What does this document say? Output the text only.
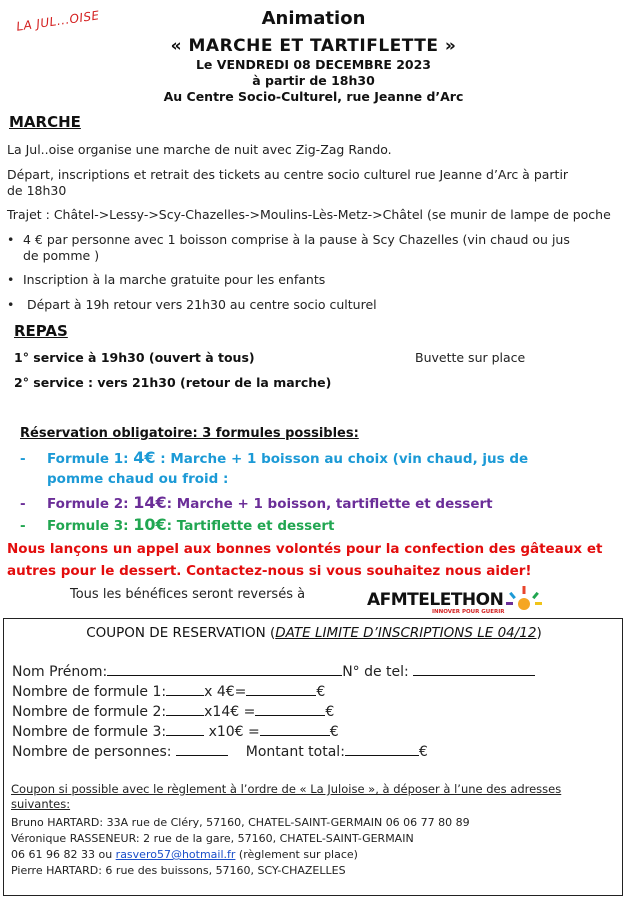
LA JUL...OISE	Animation
« MARCHE ET TARTIFLETTE »
Le VENDREDI 08 DECEMBRE 2023
à partir de 18h30
Au Centre Socio-Culturel, rue Jeanne d’Arc
MARCHE
La Jul..oise organise une marche de nuit avec Zig-Zag Rando.
Départ, inscriptions et retrait des tickets au centre socio culturel rue Jeanne d’Arc à partir
de 18h30
Trajet : Châtel->Lessy->Scy-Chazelles->Moulins-Lès-Metz->Châtel (se munir de lampe de poche
• 4 € par personne avec 1 boisson comprise à la pause à Scy Chazelles (vin chaud ou jus
de pomme )
• Inscription à la marche gratuite pour les enfants
• Départ à 19h retour vers 21h30 au centre socio culturel
REPAS
1° service à 19h30 (ouvert à tous)	Buvette sur place
2° service : vers 21h30 (retour de la marche)
Réservation obligatoire: 3 formules possibles:
- Formule 1: 4€ : Marche + 1 boisson au choix (vin chaud, jus de
pomme chaud ou froid :
- Formule 2: 14€: Marche + 1 boisson, tartiflette et dessert
- Formule 3: 10€: Tartiflette et dessert
Nous lançons un appel aux bonnes volontés pour la confection des gâteaux et
autres pour le dessert. Contactez-nous si vous souhaitez nous aider!
Tous les bénéfices seront reversés à	AFMTELETHON
INNOVER POUR GUERIR
COUPON DE RESERVATION (DATE LIMITE D’INSCRIPTIONS LE 04/12)
Nom Prénom:	N° de tel:
Nombre de formule 1:	x 4€=	€
Nombre de formule 2:	x14€ =	€
Nombre de formule 3:	x10€ =	€
Nombre de personnes:	Montant total:	€
Coupon si possible avec le règlement à l’ordre de « La Juloise », à déposer à l’une des adresses suivantes:
Bruno HARTARD: 33A rue de Cléry, 57160, CHATEL-SAINT-GERMAIN 06 06 77 80 89
Véronique RASSENEUR: 2 rue de la gare, 57160, CHATEL-SAINT-GERMAIN
06 61 96 82 33 ou rasvero57@hotmail.fr (règlement sur place)
Pierre HARTARD: 6 rue des buissons, 57160, SCY-CHAZELLES
